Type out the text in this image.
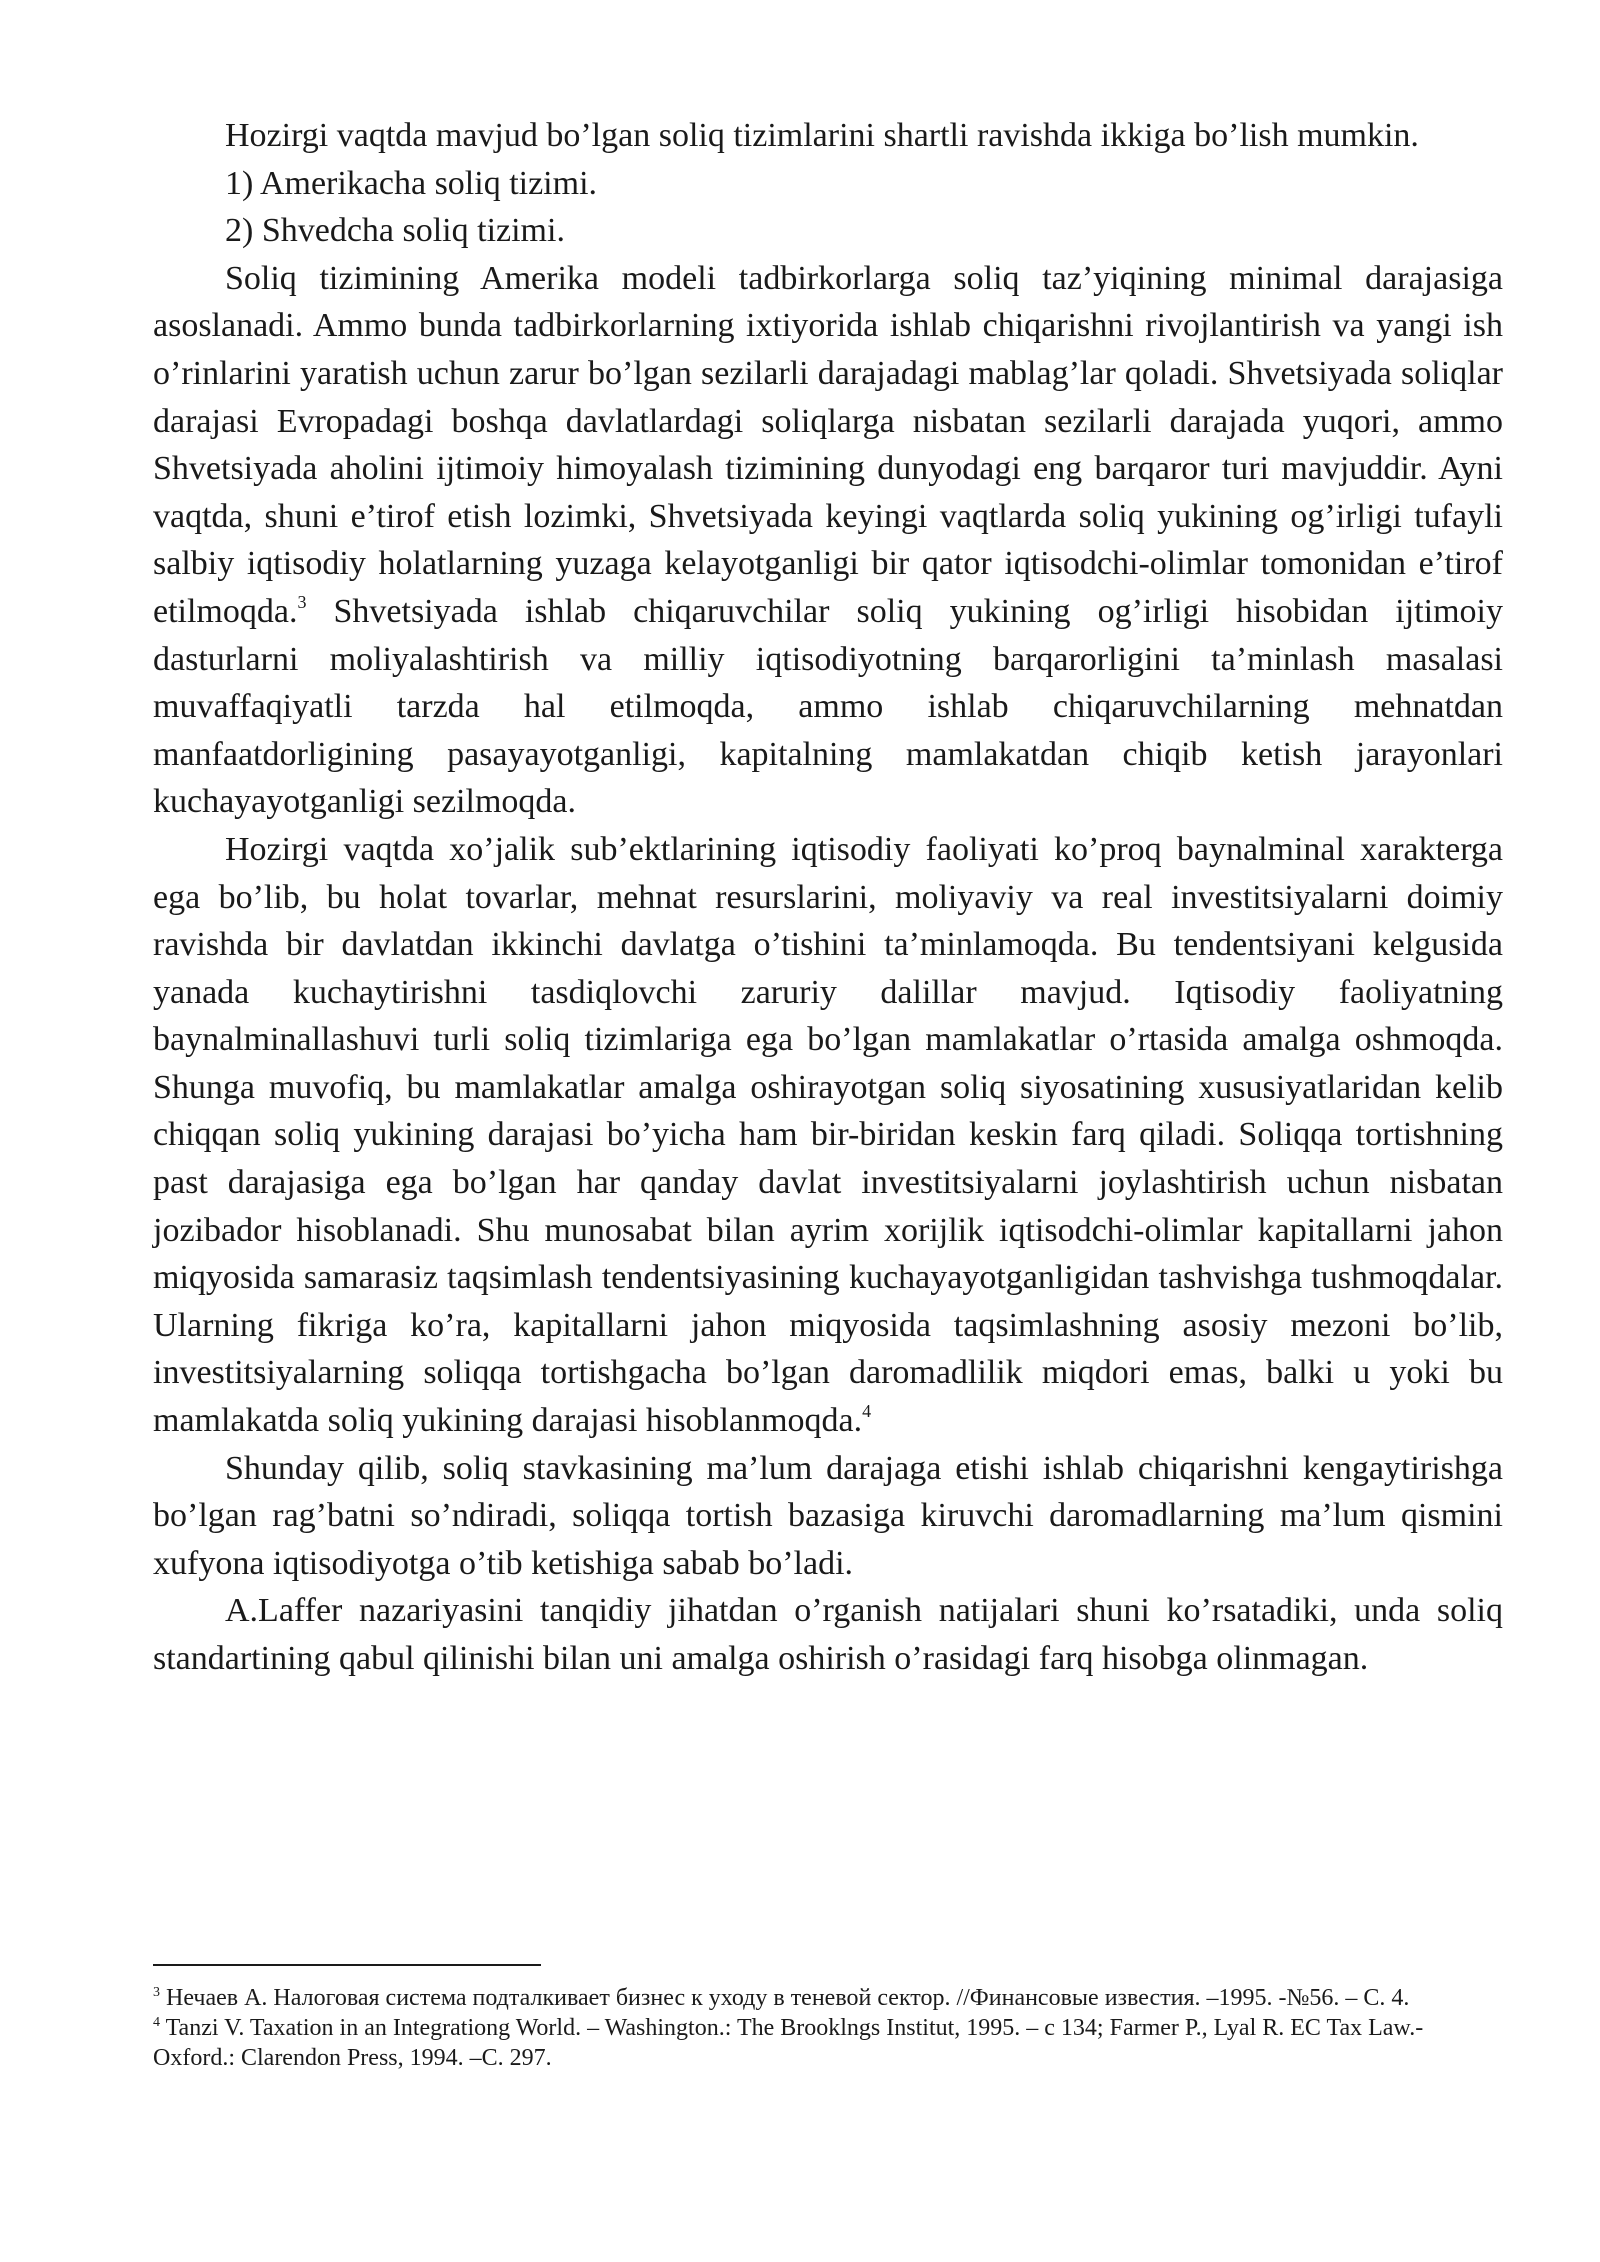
Hozirgi vaqtda mavjud bo’lgan soliq tizimlarini shartli ravishda ikkiga bo’lish mumkin.

1) Amerikacha soliq tizimi.

2) Shvedcha soliq tizimi.

Soliq tizimining Amerika modeli tadbirkorlarga soliq taz’yiqining minimal darajasiga asoslanadi. Ammo bunda tadbirkorlarning ixtiyorida ishlab chiqarishni rivojlantirish va yangi ish o’rinlarini yaratish uchun zarur bo’lgan sezilarli darajadagi mablag’lar qoladi. Shvetsiyada soliqlar darajasi Evropadagi boshqa davlatlardagi soliqlarga nisbatan sezilarli darajada yuqori, ammo Shvetsiyada aholini ijtimoiy himoyalash tizimining dunyodagi eng barqaror turi mavjuddir. Ayni vaqtda, shuni e’tirof etish lozimki, Shvetsiyada keyingi vaqtlarda soliq yukining og’irligi tufayli salbiy iqtisodiy holatlarning yuzaga kelayotganligi bir qator iqtisodchi-olimlar tomonidan e’tirof etilmoqda.$^3$ Shvetsiyada ishlab chiqaruvchilar soliq yukining og’irligi hisobidan ijtimoiy dasturlarni moliyalashtirish va milliy iqtisodiyotning barqarorligini ta’minlash masalasi muvaffaqiyatli tarzda hal etilmoqda, ammo ishlab chiqaruvchilarning mehnatdan manfaatdorligining pasayayotganligi, kapitalning mamlakatdan chiqib ketish jarayonlari kuchayayotganligi sezilmoqda.

Hozirgi vaqtda xo’jalik sub’ektlarining iqtisodiy faoliyati ko’proq baynalminal xarakterga ega bo’lib, bu holat tovarlar, mehnat resurslarini, moliyaviy va real investitsiyalarni doimiy ravishda bir davlatdan ikkinchi davlatga o’tishini ta’minlamoqda. Bu tendentsiyani kelgusida yanada kuchaytirishni tasdiqlovchi zaruriy dalillar mavjud. Iqtisodiy faoliyatning baynalminallashuvi turli soliq tizimlariga ega bo’lgan mamlakatlar o’rtasida amalga oshmoqda. Shunga muvofiq, bu mamlakatlar amalga oshirayotgan soliq siyosatining xususiyatlaridan kelib chiqqan soliq yukining darajasi bo’yicha ham bir-biridan keskin farq qiladi. Soliqqa tortishning past darajasiga ega bo’lgan har qanday davlat investitsiyalarni joylashtirish uchun nisbatan jozibador hisoblanadi. Shu munosabat bilan ayrim xorijlik iqtisodchi-olimlar kapitallarni jahon miqyosida samarasiz taqsimlash tendentsiyasining kuchayayotganligidan tashvishga tushmoqdalar. Ularning fikriga ko’ra, kapitallarni jahon miqyosida taqsimlashning asosiy mezoni bo’lib, investitsiyalarning soliqqa tortishgacha bo’lgan daromadlilik miqdori emas, balki u yoki bu mamlakatda soliq yukining darajasi hisoblanmoqda.$^4$

Shunday qilib, soliq stavkasining ma’lum darajaga etishi ishlab chiqarishni kengaytirishga bo’lgan rag’batni so’ndiradi, soliqqa tortish bazasiga kiruvchi daromadlarning ma’lum qismini xufyona iqtisodiyotga o’tib ketishiga sabab bo’ladi.

A.Laffer nazariyasini tanqidiy jihatdan o’rganish natijalari shuni ko’rsatadiki, unda soliq standartining qabul qilinishi bilan uni amalga oshirish o’rasidagi farq hisobga olinmagan.

$^3$ Нечаев А. Налоговая система подталкивает бизнес к уходу в теневой сектор. //Финансовые известия. –1995. -№56. – С. 4.

$^4$ Tanzi V. Taxation in an Integrationg World. – Washington.: The Brooklngs Institut, 1995. – c 134; Farmer P., Lyal R. EC Tax Law.-Oxford.: Clarendon Press, 1994. –C. 297.
